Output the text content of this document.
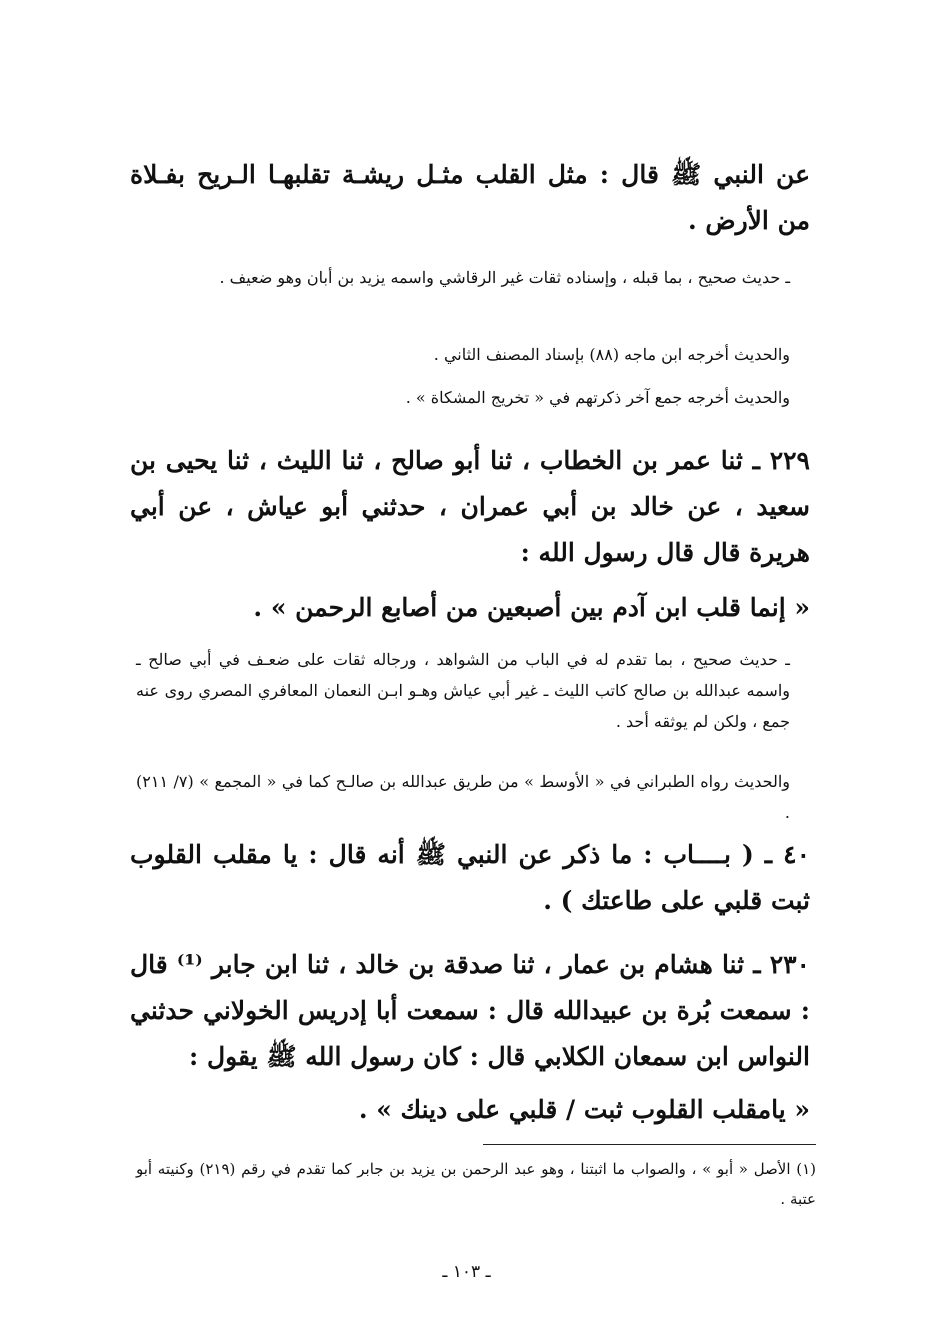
عن النبي ﷺ قال : مثل القلب مثـل ريشـة تقلبهـا الـريح بفـلاة من الأرض .
ـ حديث صحيح ، بما قبله ، وإسناده ثقات غير الرقاشي واسمه يزيد بن أبان وهو ضعيف .
والحديث أخرجه ابن ماجه (٨٨) بإسناد المصنف الثاني .
والحديث أخرجه جمع آخر ذكرتهم في « تخريج المشكاة » .
٢٢٩ ـ ثنا عمر بن الخطاب ، ثنا أبو صالح ، ثنا الليث ، ثنا يحيى بن سعيد ، عن خالد بن أبي عمران ، حدثني أبو عياش ، عن أبي هريرة قال قال رسول الله :
« إنما قلب ابن آدم بين أصبعين من أصابع الرحمن » .
ـ حديث صحيح ، بما تقدم له في الباب من الشواهد ، ورجاله ثقات على ضعـف في أبي صالح ـ واسمه عبدالله بن صالح كاتب الليث ـ غير أبي عياش وهـو ابـن النعمان المعافري المصري روى عنه جمع ، ولكن لم يوثقه أحد .
والحديث رواه الطبراني في « الأوسط » من طريق عبدالله بن صالـح كما في « المجمع » (٧/ ٢١١) .
٤٠ ـ ( بــــاب : ما ذكر عن النبي ﷺ أنه قال : يا مقلب القلوب ثبت قلبي على طاعتك ) .
٢٣٠ ـ ثنا هشام بن عمار ، ثنا صدقة بن خالد ، ثنا ابن جابر ⁽¹⁾ قال : سمعت بُرة بن عبيدالله قال : سمعت أبا إدريس الخولاني حدثني النواس ابن سمعان الكلابي قال : كان رسول الله ﷺ يقول :
« يامقلب القلوب ثبت / قلبي على دينك » .
(١) الأصل « أبو » ، والصواب ما اثبتنا ، وهو عبد الرحمن بن يزيد بن جابر كما تقدم في رقم (٢١٩) وكنيته أبو عتبة .
ـ ١٠٣ ـ
